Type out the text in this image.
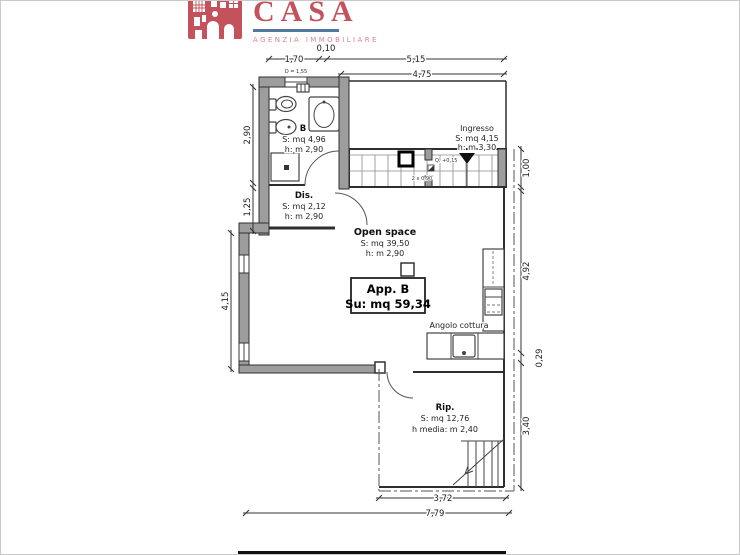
CASA
AGENZIA IMMOBILIARE
1,70
0,10
5,15
4,75
2,90
1,25
4,15
1,00
4,92
0,29
3,40
3,72
7,79
B
S: mq 4,96
h: m 2,90
Dis.
S: mq 2,12
h: m 2,90
Ingresso
S: mq 4,15
h: m 3,30
Open space
S: mq 39,50
h: m 2,90
App. B
Su: mq 59,34
Angolo cottura
Rip.
S: mq 12,76
h media: m 2,40
D = 1,55
Q. +0,15
2 x 0,90
